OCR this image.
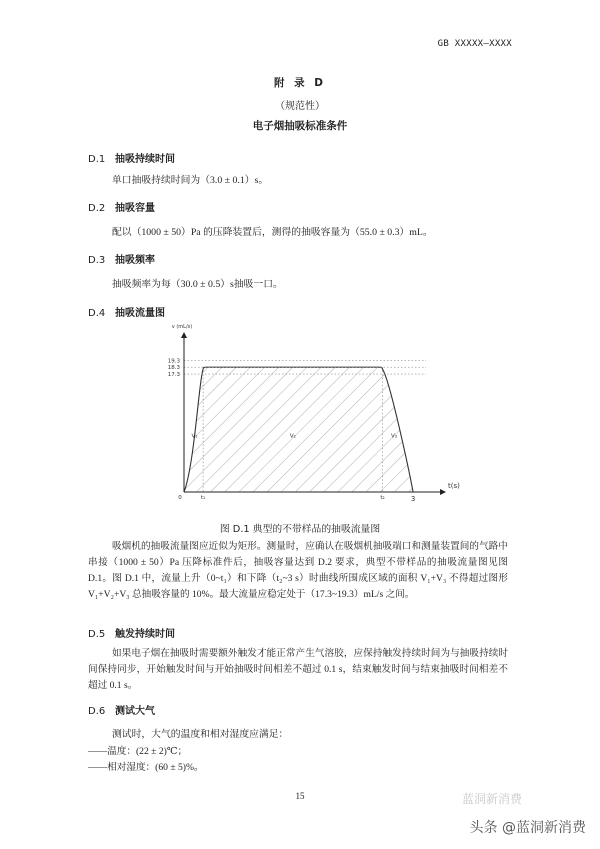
GB XXXXX—XXXX
附 录 D
（规范性）
电子烟抽吸标准条件
D.1 抽吸持续时间
单口抽吸持续时间为（3.0 ± 0.1）s。
D.2 抽吸容量
配以（1000 ± 50）Pa 的压降装置后，测得的抽吸容量为（55.0 ± 0.3）mL。
D.3 抽吸频率
抽吸频率为每（30.0 ± 0.5）s抽吸一口。
D.4 抽吸流量图
19.3
18.3
17.3
t(s)
v (mL/s)
0	t₁	t₂	3
V₁	V₂	V₃
图 D.1 典型的不带样品的抽吸流量图
吸烟机的抽吸流量图应近似为矩形。测量时，应确认在吸烟机抽吸端口和测量装置间的气路中串接（1000 ± 50）Pa 压降标准件后，抽吸容量达到 D.2 要求，典型不带样品的抽吸流量图见图 D.1。图 D.1 中，流量上升（0~t₁）和下降（t₂~3 s）时曲线所围成区域的面积 V₁+V₃ 不得超过图形 V₁+V₂+V₃ 总抽吸容量的 10%。最大流量应稳定处于（17.3~19.3）mL/s 之间。
D.5 触发持续时间
如果电子烟在抽吸时需要额外触发才能正常产生气溶胶，应保持触发持续时间为与抽吸持续时间保持同步，开始触发时间与开始抽吸时间相差不超过 0.1 s，结束触发时间与结束抽吸时间相差不超过 0.1 s。
D.6 测试大气
测试时，大气的温度和相对湿度应满足：
——温度：(22 ± 2)℃；
——相对湿度：(60 ± 5)%。
15	蓝洞新消费
头条 @蓝洞新消费
